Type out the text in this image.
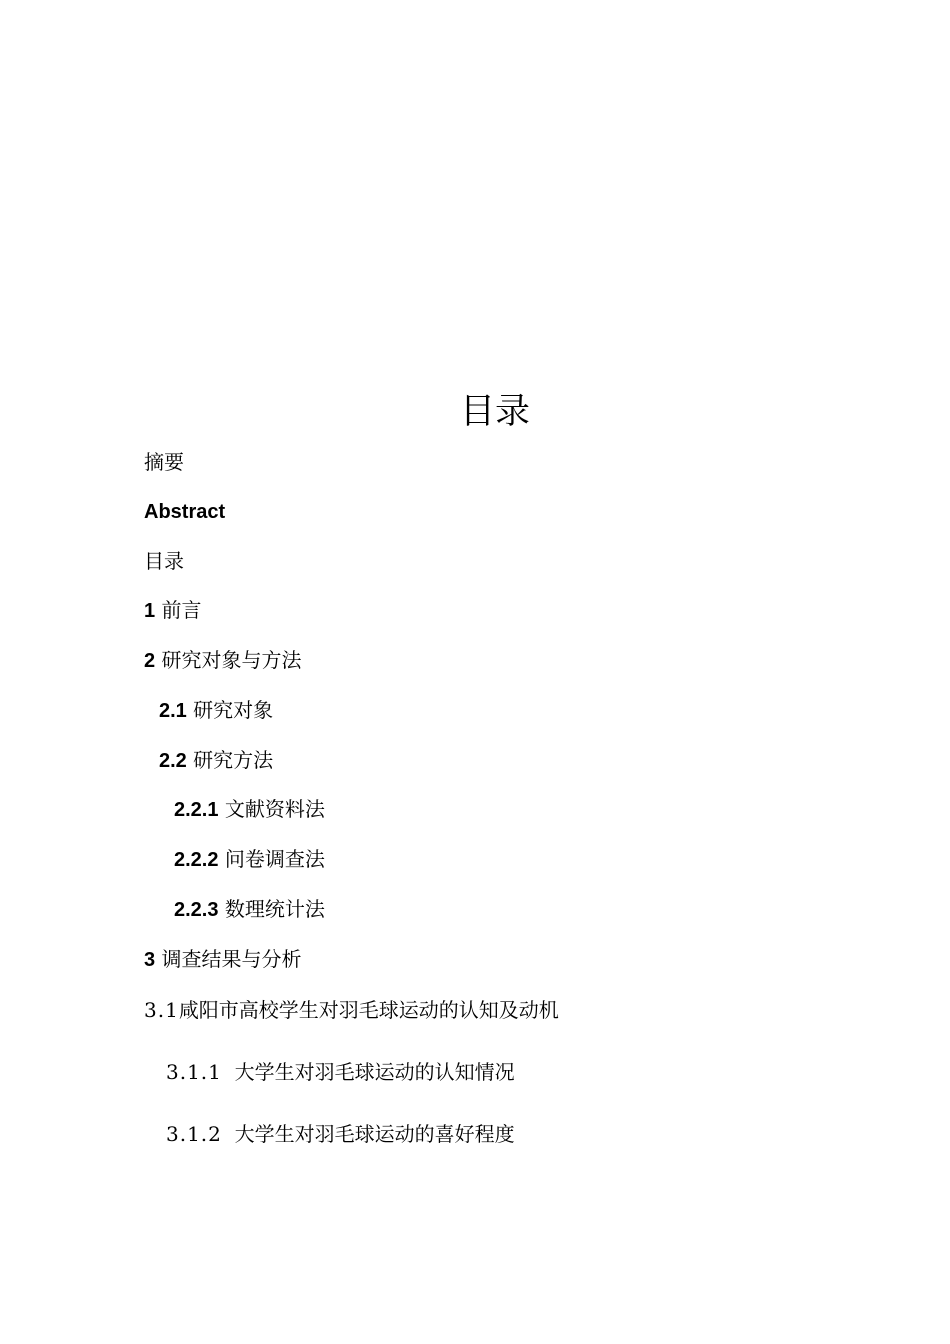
目录
摘要
Abstract
目录
1 前言
2 研究对象与方法
2.1 研究对象
2.2 研究方法
2.2.1 文献资料法
2.2.2 问卷调查法
2.2.3 数理统计法
3 调查结果与分析
3.1咸阳市高校学生对羽毛球运动的认知及动机
3.1.1 大学生对羽毛球运动的认知情况
3.1.2 大学生对羽毛球运动的喜好程度
